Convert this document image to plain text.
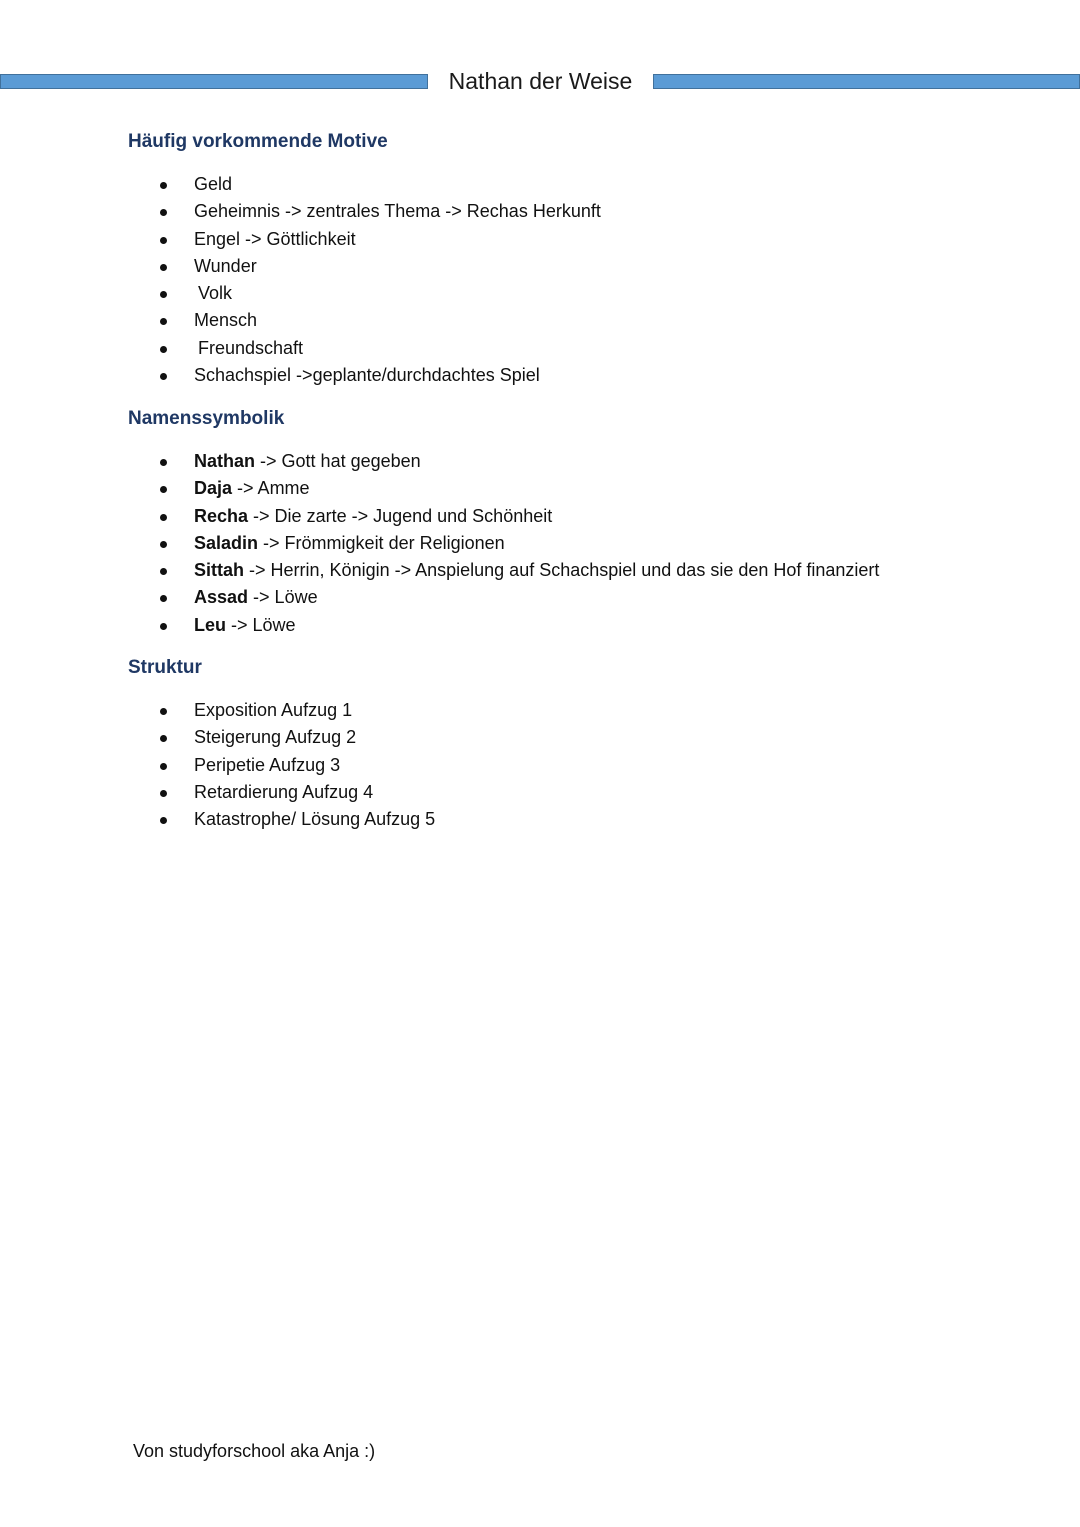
Nathan der Weise
Häufig vorkommende Motive
Geld
Geheimnis -> zentrales Thema -> Rechas Herkunft
Engel -> Göttlichkeit
Wunder
Volk
Mensch
Freundschaft
Schachspiel ->geplante/durchdachtes Spiel
Namenssymbolik
Nathan -> Gott hat gegeben
Daja -> Amme
Recha -> Die zarte -> Jugend und Schönheit
Saladin -> Frömmigkeit der Religionen
Sittah -> Herrin, Königin -> Anspielung auf Schachspiel und das sie den Hof finanziert
Assad -> Löwe
Leu -> Löwe
Struktur
Exposition Aufzug 1
Steigerung Aufzug 2
Peripetie Aufzug 3
Retardierung Aufzug 4
Katastrophe/ Lösung Aufzug 5
Von studyforschool aka Anja :)
